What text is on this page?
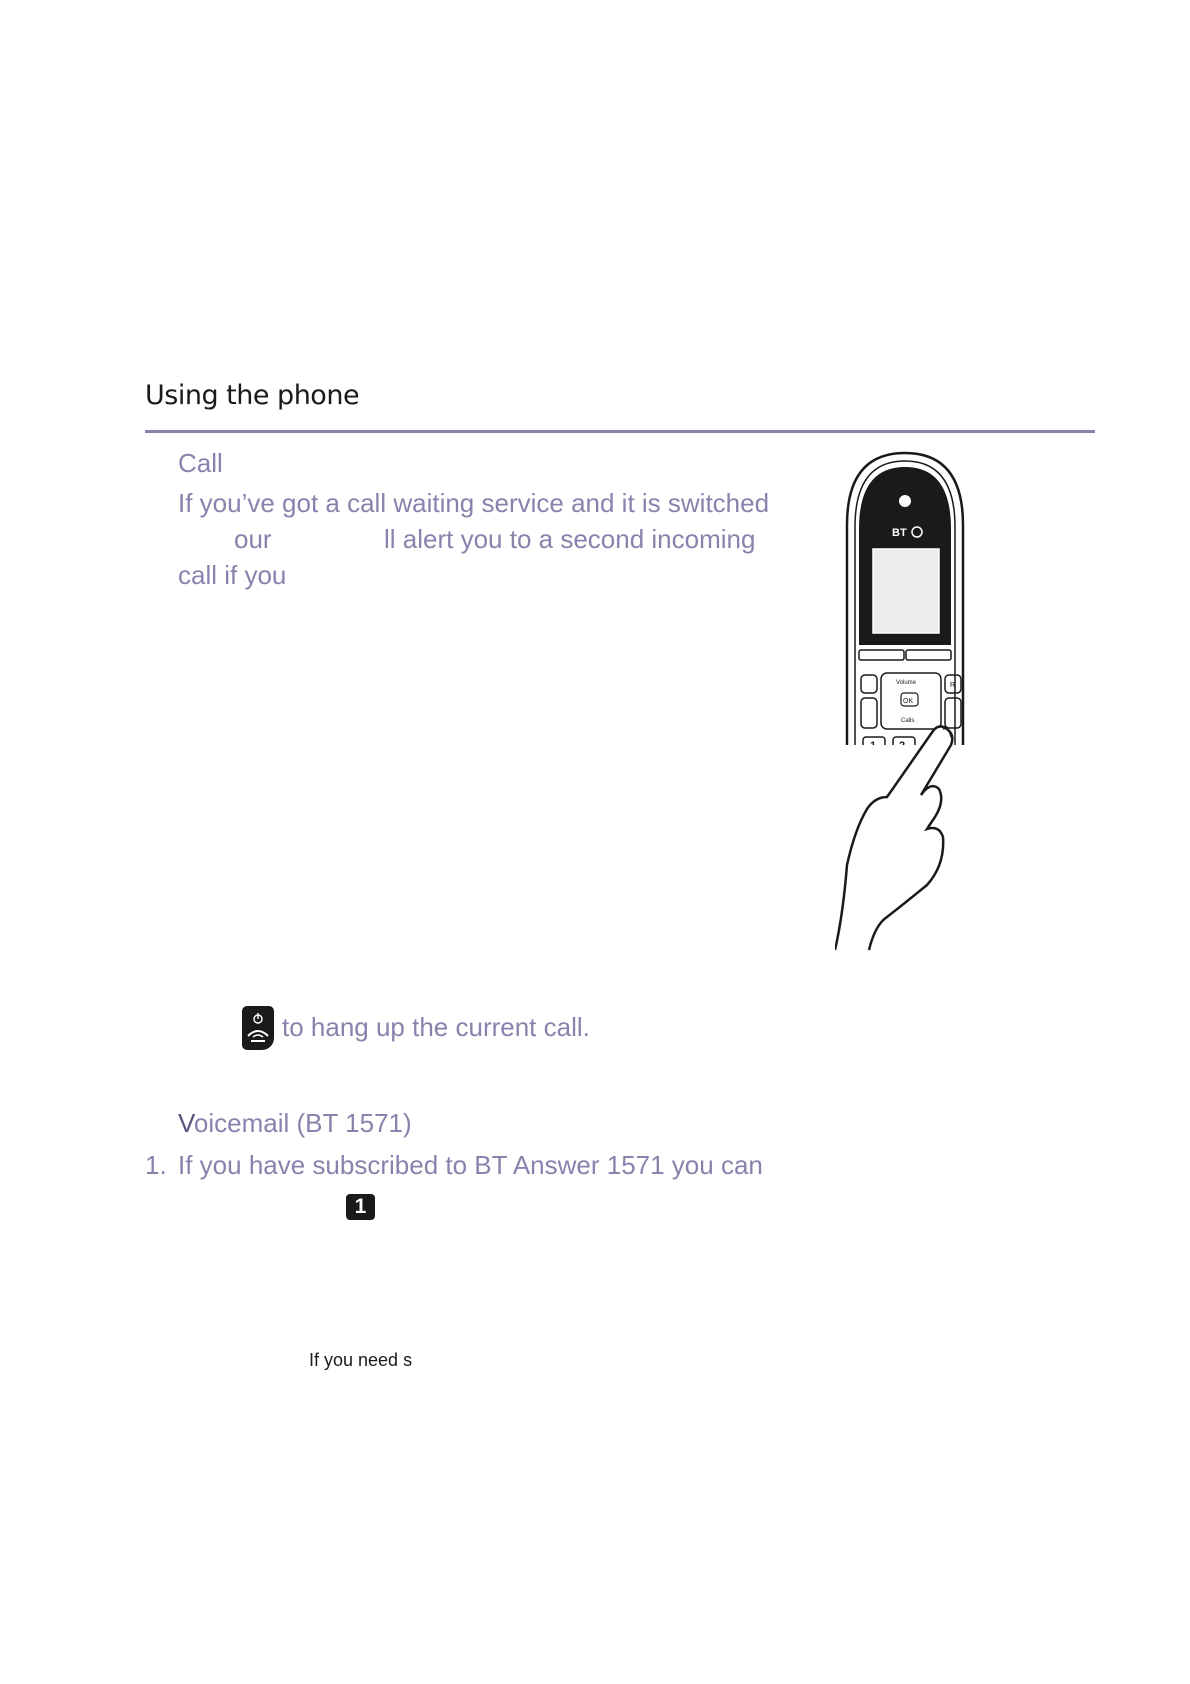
Using the phone
Call
If you’ve got a call waiting service and it is switched
our	ll alert you to a second incoming
call if you
BT
Volume
OK
Calls
R
to hang up the current call.
Voicemail (BT 1571)
1. If you have subscribed to BT Answer 1571 you can
1
If you need s
